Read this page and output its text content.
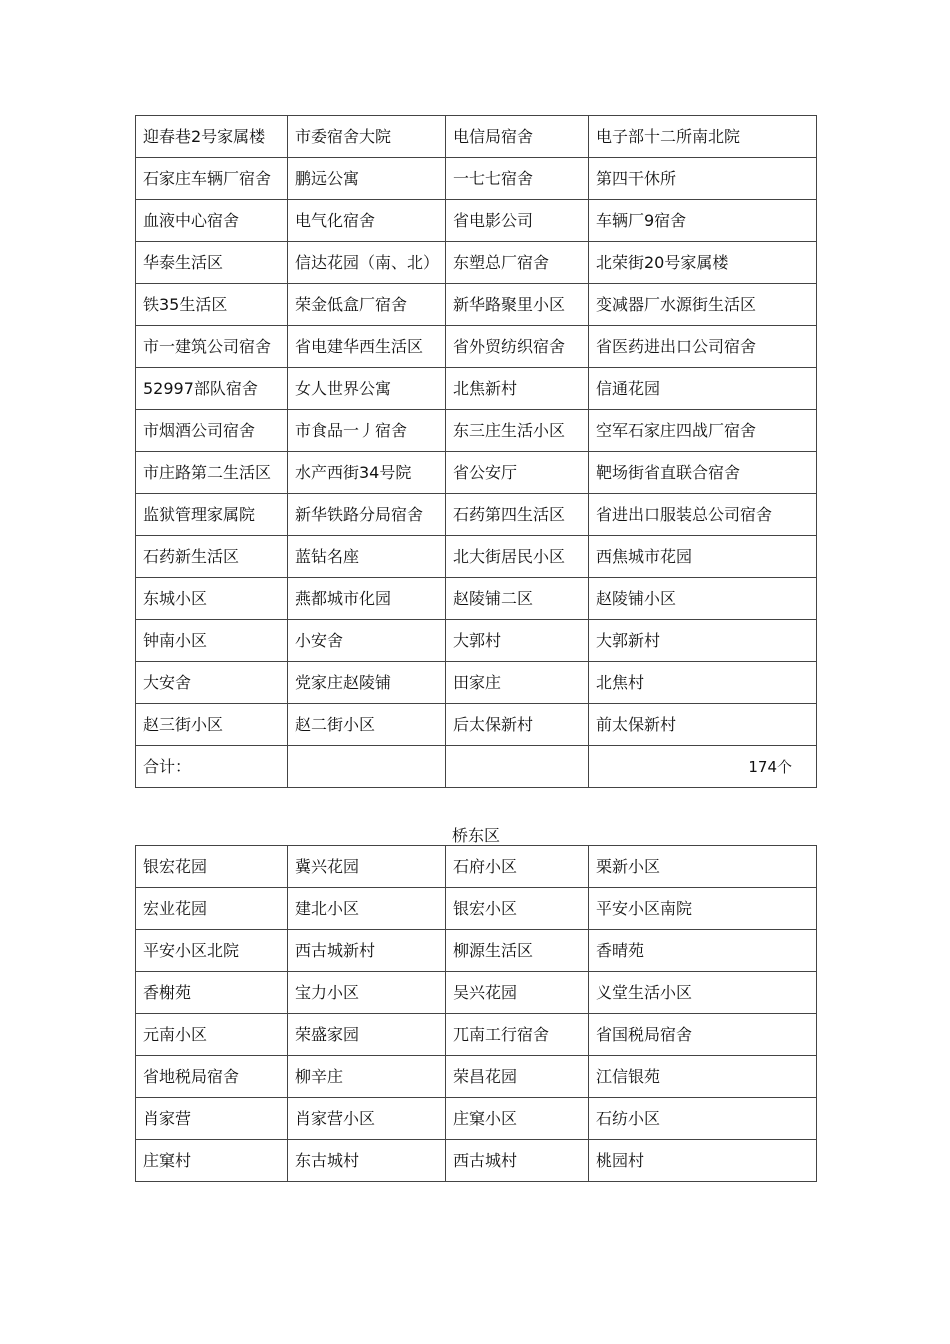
迎春巷2号家属楼	市委宿舍大院	电信局宿舍	电子部十二所南北院
石家庄车辆厂宿舍	鹏远公寓	一七七宿舍	第四干休所
血液中心宿舍	电气化宿舍	省电影公司	车辆厂9宿舍
华泰生活区	信达花园（南、北）	东塑总厂宿舍	北荣街20号家属楼
铁35生活区	荣金低盒厂宿舍	新华路聚里小区	变减器厂水源街生活区
市一建筑公司宿舍	省电建华西生活区	省外贸纺织宿舍	省医药进出口公司宿舍
52997部队宿舍	女人世界公寓	北焦新村	信通花园
市烟酒公司宿舍	市食品一丿宿舍	东三庄生活小区	空军石家庄四战厂宿舍
市庄路第二生活区	水产西街34号院	省公安厅	靶场街省直联合宿舍
监狱管理家属院	新华铁路分局宿舍	石药第四生活区	省进出口服装总公司宿舍
石药新生活区	蓝钻名座	北大街居民小区	西焦城市花园
东城小区	燕都城市化园	赵陵铺二区	赵陵铺小区
钟南小区	小安舍	大郭村	大郭新村
大安舍	党家庄赵陵铺	田家庄	北焦村
赵三街小区	赵二街小区	后太保新村	前太保新村
合计：			174个
桥东区
银宏花园	冀兴花园	石府小区	栗新小区
宏业花园	建北小区	银宏小区	平安小区南院
平安小区北院	西古城新村	柳源生活区	香晴苑
香榭苑	宝力小区	吴兴花园	义堂生活小区
元南小区	荣盛家园	兀南工行宿舍	省国税局宿舍
省地税局宿舍	柳辛庄	荣昌花园	江信银苑
肖家营	肖家营小区	庄窠小区	石纺小区
庄窠村	东古城村	西古城村	桃园村
